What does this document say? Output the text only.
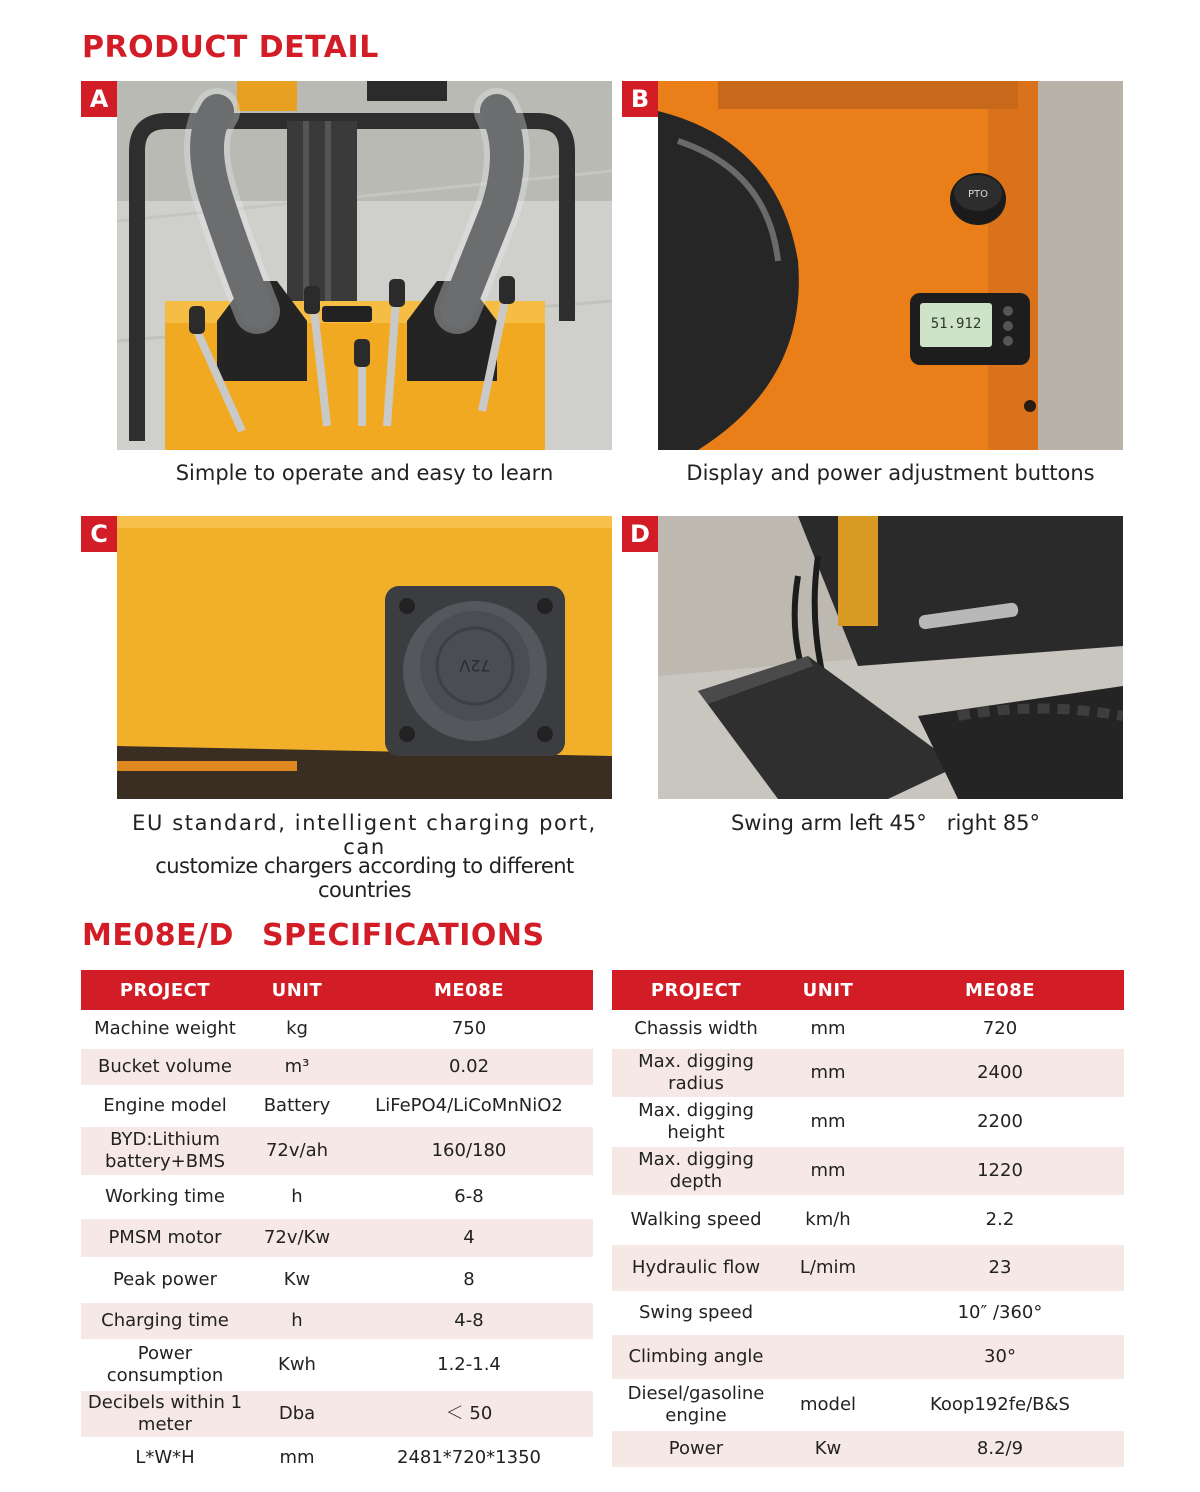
PRODUCT DETAIL
A
Simple to operate and easy to learn
PTO
51.912
B
Display and power adjustment buttons
72V
C
EU standard, intelligent charging port, can
customize chargers according to different countries
D
Swing arm left 45°   right 85°
ME08E/D SPECIFICATIONS
PROJECT	UNIT	ME08E
Machine weight	kg	750
Bucket volume	m³	0.02
Engine model	Battery	LiFePO4/LiCoMnNiO2
BYD:Lithium battery+BMS	72v/ah	160/180
Working time	h	6-8
PMSM motor	72v/Kw	4
Peak power	Kw	8
Charging time	h	4-8
Power consumption	Kwh	1.2-1.4
Decibels within 1 meter	Dba	＜ 50
L*W*H	mm	2481*720*1350
PROJECT	UNIT	ME08E
Chassis width	mm	720
Max. digging radius	mm	2400
Max. digging height	mm	2200
Max. digging depth	mm	1220
Walking speed	km/h	2.2
Hydraulic flow	L/mim	23
Swing speed		10″ /360°
Climbing angle		30°
Diesel/gasoline engine	model	Koop192fe/B&S
Power	Kw	8.2/9
